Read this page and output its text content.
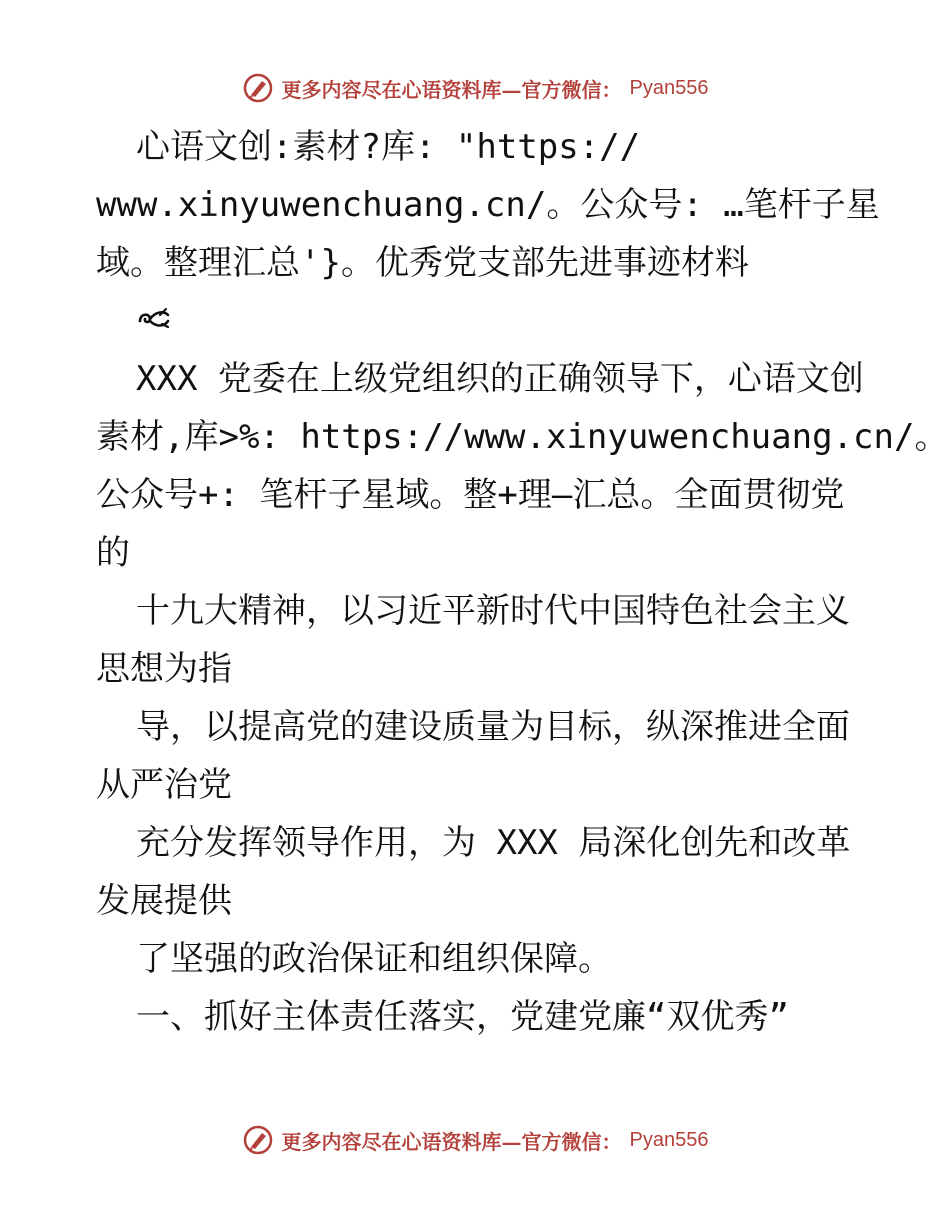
更多内容尽在心语资料库—官方微信： Pyan556
心语文创:素材?库: "https://
www.xinyuwenchuang.cn/。公众号: …笔杆子星
域。整理汇总'}。优秀党支部先进事迹材料
XXX 党委在上级党组织的正确领导下，心语文创
素材,库>%: https://www.xinyuwenchuang.cn/。
公众号+: 笔杆子星域。整+理—汇总。全面贯彻党
的
十九大精神，以习近平新时代中国特色社会主义
思想为指
导，以提高党的建设质量为目标，纵深推进全面
从严治党
充分发挥领导作用，为 XXX 局深化创先和改革
发展提供
了坚强的政治保证和组织保障。
一、抓好主体责任落实，党建党廉“双优秀”
更多内容尽在心语资料库—官方微信： Pyan556
